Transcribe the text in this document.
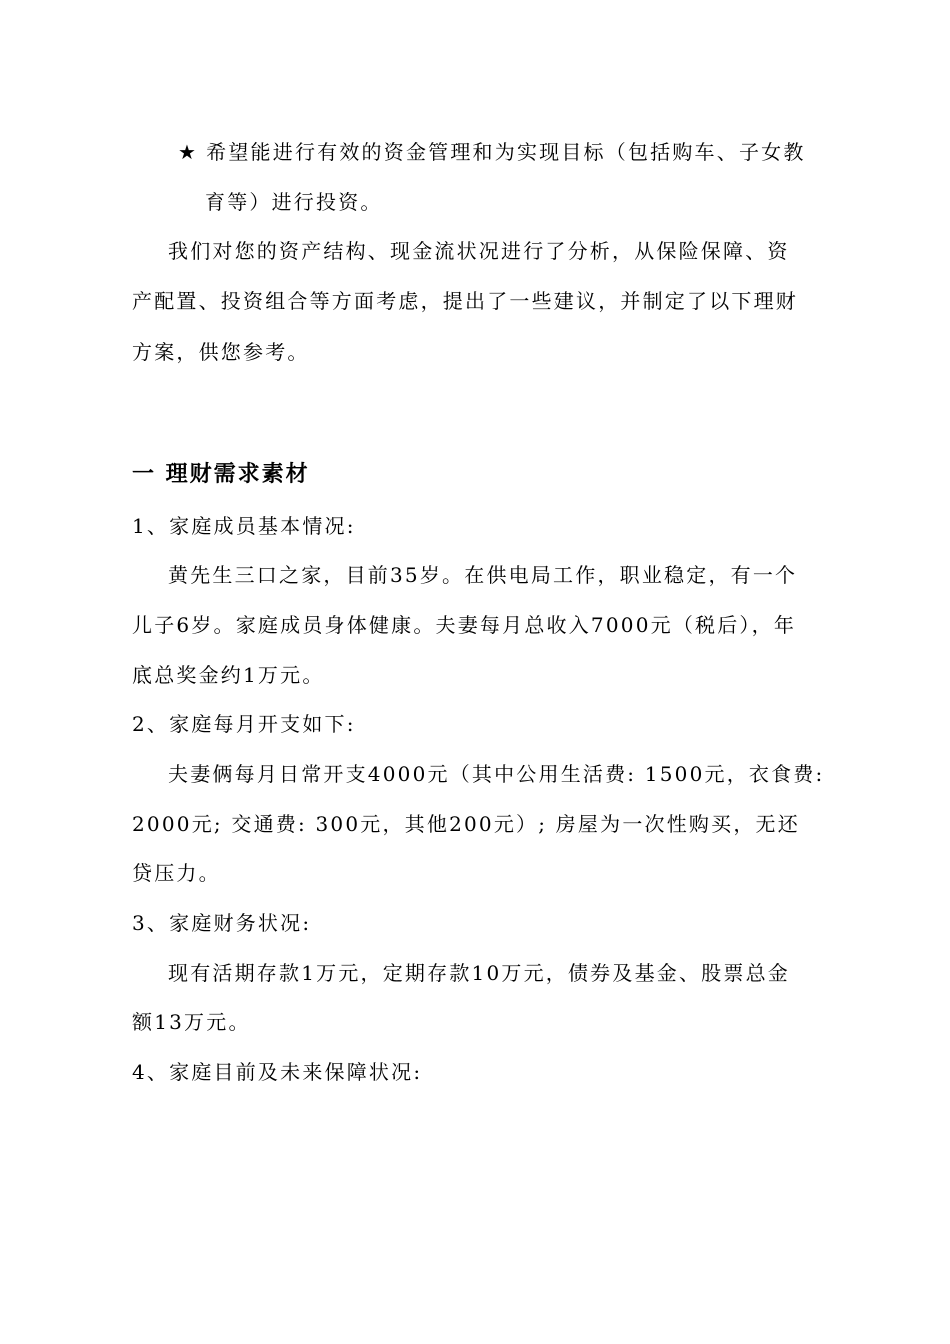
★ 希望能进行有效的资金管理和为实现目标（包括购车、子女教
育等）进行投资。
我们对您的资产结构、现金流状况进行了分析，从保险保障、资
产配置、投资组合等方面考虑，提出了一些建议，并制定了以下理财
方案，供您参考。
一 理财需求素材
1、家庭成员基本情况:
黄先生三口之家，目前35岁。在供电局工作，职业稳定，有一个
儿子6岁。家庭成员身体健康。夫妻每月总收入7000元（税后），年
底总奖金约1万元。
2、家庭每月开支如下:
夫妻俩每月日常开支4000元（其中公用生活费: 1500元，衣食费:
2000元; 交通费: 300元，其他200元）; 房屋为一次性购买，无还
贷压力。
3、家庭财务状况:
现有活期存款1万元，定期存款10万元，债券及基金、股票总金
额13万元。
4、家庭目前及未来保障状况:
